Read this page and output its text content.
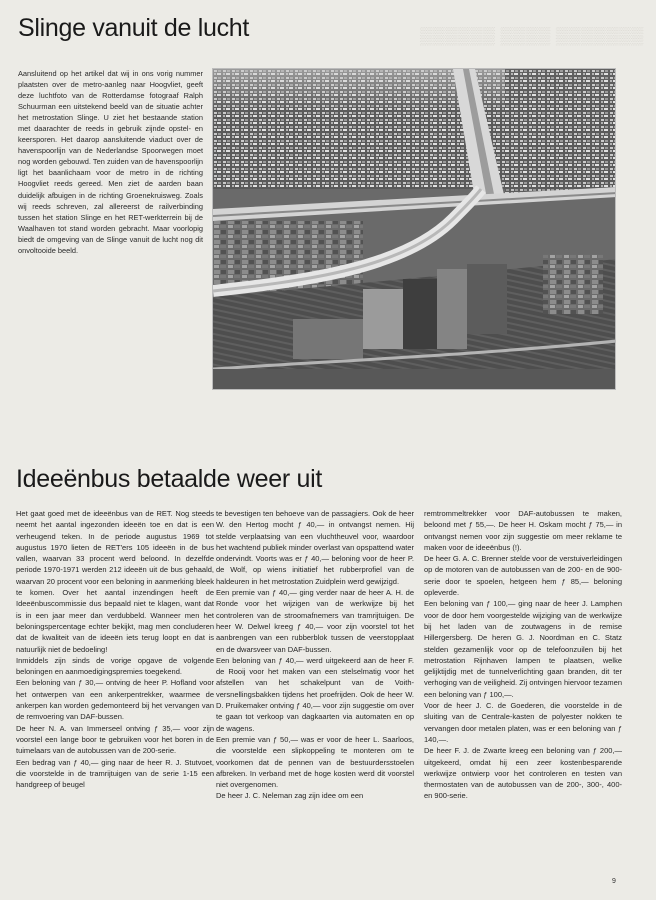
▒▒▒▒▒▒ ▒▒▒▒ ▒▒▒▒▒▒▒
Slinge vanuit de lucht
Aansluitend op het artikel dat wij in ons vorig nummer plaatsten over de metro-aanleg naar Hoogvliet, geeft deze luchtfoto van de Rotterdamse fotograaf Ralph Schuurman een uitstekend beeld van de situatie achter het metrostation Slinge. U ziet het bestaande station met daarachter de reeds in gebruik zijnde opstel- en keersporen. Het daarop aansluitende viaduct over de havenspoorlijn van de Nederlandse Spoorwegen moet nog worden gebouwd. Ten zuiden van de havenspoorlijn ligt het baanlichaam voor de metro in de richting Hoogvliet reeds gereed. Men ziet de aarden baan duidelijk afbuigen in de richting Groenekruisweg. Zoals wij reeds schreven, zal allereerst de railverbinding tussen het station Slinge en het RET-werkterrein bij de Waalhaven tot stand worden gebracht. Maar voorlopig biedt de omgeving van de Slinge vanuit de lucht nog dit onvoltooide beeld.
Ideeënbus betaalde weer uit

Het gaat goed met de ideeënbus van de RET. Nog steeds neemt het aantal ingezonden ideeën toe en dat is een verheugend teken. In de periode augustus 1969 tot augustus 1970 lieten de RET'ers 105 ideeën in de bus vallen, waarvan 33 procent werd beloond. In dezelfde periode 1970-1971 werden 212 ideeën uit de bus gehaald, waarvan 20 procent voor een beloning in aanmerking bleek te komen. Over het aantal inzendingen heeft de Ideeënbuscommissie dus bepaald niet te klagen, want dat is in een jaar meer dan verdubbeld. Wanneer men het beloningspercentage echter bekijkt, mag men concluderen dat de kwaliteit van de ideeën iets terug loopt en dat is natuurlijk niet de bedoeling!

Inmiddels zijn sinds de vorige opgave de volgende beloningen en aanmoedigingspremies toegekend.

Een beloning van ƒ 30,— ontving de heer P. Hofland voor het ontwerpen van een ankerpentrekker, waarmee de ankerpen kan worden gedemonteerd bij het vervangen van de remvoering van DAF-bussen.

De heer N. A. van Immerseel ontving ƒ 35,— voor zijn voorstel een lange boor te gebruiken voor het boren in de tuimelaars van de autobussen van de 200-serie.

Een bedrag van ƒ 40,— ging naar de heer R. J. Stutvoet, die voorstelde in de tramrijtuigen van de serie 1-15 een handgreep of beugel

te bevestigen ten behoeve van de passagiers. Ook de heer W. den Hertog mocht ƒ 40,— in ontvangst nemen. Hij stelde verplaatsing van een vluchtheuvel voor, waardoor het wachtend publiek minder overlast van opspattend water ondervindt. Voorts was er ƒ 40,— beloning voor de heer P. de Wolf, op wiens initiatief het rubberprofiel van de haldeuren in het metrostation Zuidplein werd gewijzigd.

Een premie van ƒ 40,— ging verder naar de heer A. H. de Ronde voor het wijzigen van de werkwijze bij het controleren van de stroomafnemers van tramrijtuigen. De heer W. Delwel kreeg ƒ 40,— voor zijn voorstel tot het aanbrengen van een rubberblok tussen de veerstopplaat en de dwarsveer van DAF-bussen.

Een beloning van ƒ 40,— werd uitgekeerd aan de heer F. de Rooij voor het maken van een stelselmatig voor het afstellen van het schakelpunt van de Voith-versnellingsbakken tijdens het proefrijden. Ook de heer W. D. Pruikemaker ontving ƒ 40,— voor zijn suggestie om over te gaan tot verkoop van dagkaarten via automaten en op de wagens.

Een premie van ƒ 50,— was er voor de heer L. Saarloos, die voorstelde een slipkoppeling te monteren om te voorkomen dat de pennen van de bestuurdersstoelen afbreken. In verband met de hoge kosten werd dit voorstel niet overgenomen.

De heer J. C. Neleman zag zijn idee om een

remtrommeltrekker voor DAF-autobussen te maken, beloond met ƒ 55,—. De heer H. Oskam mocht ƒ 75,— in ontvangst nemen voor zijn suggestie om meer reklame te maken voor de ideeënbus (!).

De heer G. A. C. Brenner stelde voor de verstuiverleidingen op de motoren van de autobussen van de 200- en de 900-serie door te spoelen, hetgeen hem ƒ 85,— beloning opleverde.

Een beloning van ƒ 100,— ging naar de heer J. Lamphen voor de door hem voorgestelde wijziging van de werkwijze bij het laden van de zoutwagens in de remise Hillergersberg. De heren G. J. Noordman en C. Statz stelden gezamenlijk voor op de telefoonzuilen bij het metrostation Rijnhaven lampen te plaatsen, welke gelijktijdig met de tunnelverlichting gaan branden, dit ter verhoging van de veiligheid. Zij ontvingen hiervoor tezamen een beloning van ƒ 100,—.

Voor de heer J. C. de Goederen, die voorstelde in de sluiting van de Centrale-kasten de polyester nokken te vervangen door metalen platen, was er een beloning van ƒ 140,—.

De heer F. J. de Zwarte kreeg een beloning van ƒ 200,— uitgekeerd, omdat hij een zeer kostenbesparende werkwijze ontwierp voor het controleren en testen van thermostaten van de autobussen van de 200-, 300-, 400- en 900-serie.

9
